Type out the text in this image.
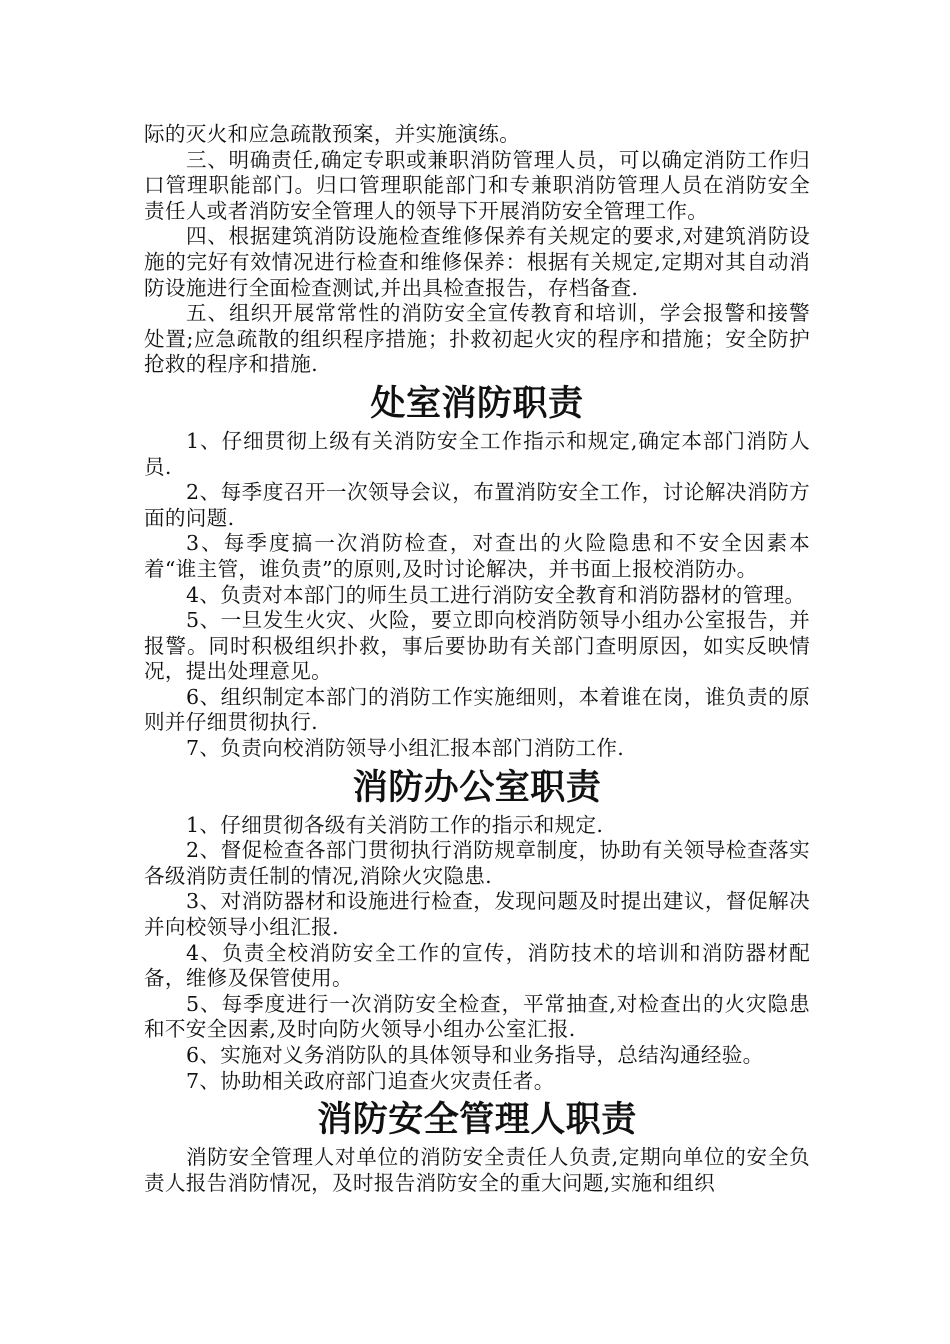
际的灭火和应急疏散预案，并实施演练。

三、明确责任,确定专职或兼职消防管理人员，可以确定消防工作归口管理职能部门。归口管理职能部门和专兼职消防管理人员在消防安全责任人或者消防安全管理人的领导下开展消防安全管理工作。

四、根据建筑消防设施检查维修保养有关规定的要求,对建筑消防设施的完好有效情况进行检查和维修保养：根据有关规定,定期对其自动消防设施进行全面检查测试,并出具检查报告，存档备查.

五、组织开展常常性的消防安全宣传教育和培训，学会报警和接警处置;应急疏散的组织程序措施；扑救初起火灾的程序和措施；安全防护抢救的程序和措施.

处室消防职责

1、仔细贯彻上级有关消防安全工作指示和规定,确定本部门消防人员.

2、每季度召开一次领导会议，布置消防安全工作，讨论解决消防方面的问题.

3、每季度搞一次消防检查，对查出的火险隐患和不安全因素本着“谁主管，谁负责”的原则,及时讨论解决，并书面上报校消防办。

4、负责对本部门的师生员工进行消防安全教育和消防器材的管理。

5、一旦发生火灾、火险，要立即向校消防领导小组办公室报告，并报警。同时积极组织扑救，事后要协助有关部门查明原因，如实反映情况，提出处理意见。

6、组织制定本部门的消防工作实施细则，本着谁在岗，谁负责的原则并仔细贯彻执行.

7、负责向校消防领导小组汇报本部门消防工作.

消防办公室职责

1、仔细贯彻各级有关消防工作的指示和规定.

2、督促检查各部门贯彻执行消防规章制度，协助有关领导检查落实各级消防责任制的情况,消除火灾隐患.

3、对消防器材和设施进行检查，发现问题及时提出建议，督促解决并向校领导小组汇报.

4、负责全校消防安全工作的宣传，消防技术的培训和消防器材配备，维修及保管使用。

5、每季度进行一次消防安全检查，平常抽查,对检查出的火灾隐患和不安全因素,及时向防火领导小组办公室汇报.

6、实施对义务消防队的具体领导和业务指导，总结沟通经验。

7、协助相关政府部门追查火灾责任者。

消防安全管理人职责

消防安全管理人对单位的消防安全责任人负责,定期向单位的安全负责人报告消防情况，及时报告消防安全的重大问题,实施和组织
